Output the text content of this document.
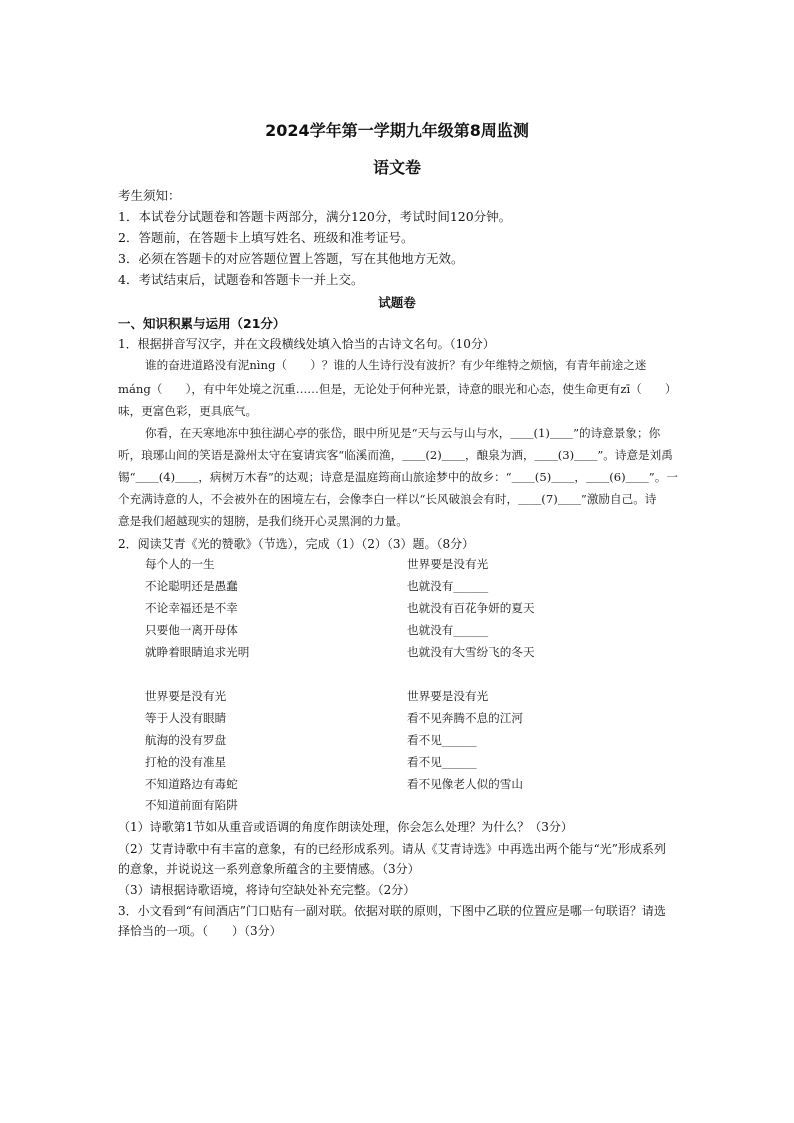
2024学年第一学期九年级第8周监测
语文卷
考生须知：
1．本试卷分试题卷和答题卡两部分，满分120分，考试时间120分钟。
2．答题前，在答题卡上填写姓名、班级和准考证号。
3．必须在答题卡的对应答题位置上答题，写在其他地方无效。
4．考试结束后，试题卷和答题卡一并上交。
试题卷
一、知识积累与运用（21分）
1．根据拼音写汉字，并在文段横线处填入恰当的古诗文名句。（10分）
谁的奋进道路没有泥nìng（　　）？谁的人生诗行没有波折？有少年维特之烦恼，有青年前途之迷
máng（　　），有中年处境之沉重……但是，无论处于何种光景，诗意的眼光和心态，使生命更有zī（　　）
味，更富色彩，更具底气。
你看，在天寒地冻中独往湖心亭的张岱，眼中所见是“天与云与山与水，＿＿(1)＿＿”的诗意景象；你
听，琅琊山间的笑语是滁州太守在宴请宾客“临溪而渔，＿＿(2)＿＿，酿泉为酒，＿＿(3)＿＿”。诗意是刘禹
锡“＿＿(4)＿＿，病树万木春”的达观；诗意是温庭筠商山旅途梦中的故乡：“＿＿(5)＿＿，＿＿(6)＿＿”。一
个充满诗意的人，不会被外在的困境左右，会像李白一样以“长风破浪会有时，＿＿(7)＿＿”激励自己。诗
意是我们超越现实的翅膀，是我们绕开心灵黑洞的力量。
2．阅读艾青《光的赞歌》（节选），完成（1）（2）（3）题。（8分）
每个人的一生
不论聪明还是愚蠢
不论幸福还是不幸
只要他一离开母体
就睁着眼睛追求光明
世界要是没有光
等于人没有眼睛
航海的没有罗盘
打枪的没有准星
不知道路边有毒蛇
不知道前面有陷阱
世界要是没有光
也就没有______
也就没有百花争妍的夏天
也就没有______
也就没有大雪纷飞的冬天
世界要是没有光
看不见奔腾不息的江河
看不见______
看不见______
看不见像老人似的雪山
（1）诗歌第1节如从重音或语调的角度作朗读处理，你会怎么处理？为什么？（3分）
（2）艾青诗歌中有丰富的意象，有的已经形成系列。请从《艾青诗选》中再选出两个能与“光”形成系列
的意象，并说说这一系列意象所蕴含的主要情感。（3分）
（3）请根据诗歌语境，将诗句空缺处补充完整。（2分）
3．小文看到“有间酒店”门口贴有一副对联。依据对联的原则，下图中乙联的位置应是哪一句联语？请选
择恰当的一项。（　　）（3分）
